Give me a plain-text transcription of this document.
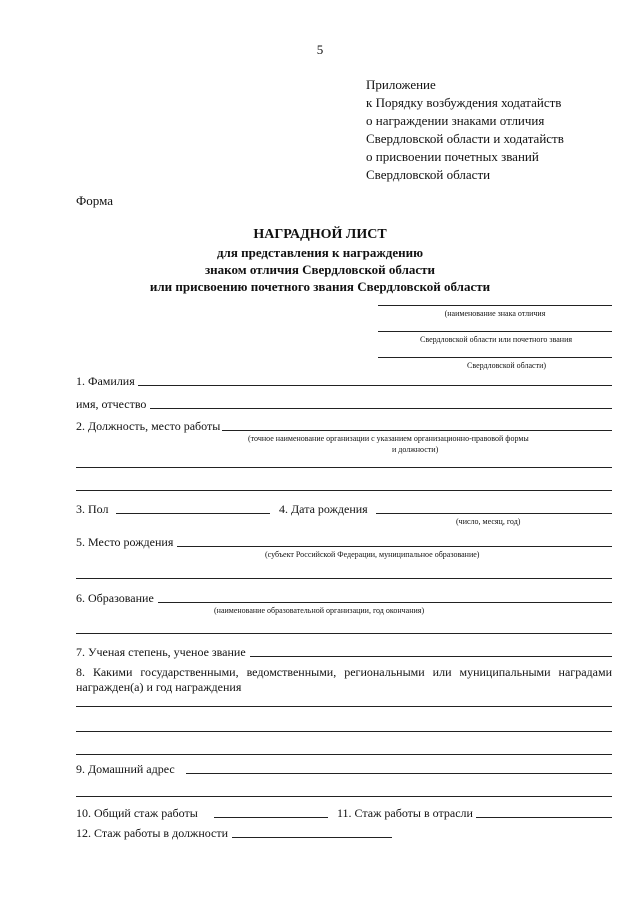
5
Приложение
к Порядку возбуждения ходатайств
о награждении знаками отличия
Свердловской области и ходатайств
о присвоении почетных званий
Свердловской области
Форма
НАГРАДНОЙ ЛИСТ
для представления к награждению
знаком отличия Свердловской области
или присвоению почетного звания Свердловской области
(наименование знака отличия
Свердловской области или почетного звания
Свердловской области)
1. Фамилия
имя, отчество
2. Должность, место работы
(точное наименование организации с указанием организационно-правовой формы
и должности)
3. Пол	4. Дата рождения
(число, месяц, год)
5. Место рождения
(субъект Российской Федерации, муниципальное образование)
6. Образование
(наименование образовательной организации, год окончания)
7. Ученая степень, ученое звание
8. Какими государственными, ведомственными, региональными или муниципальными наградами награжден(а) и год награждения
9. Домашний адрес
10. Общий стаж работы	11. Стаж работы в отрасли
12. Стаж работы в должности
